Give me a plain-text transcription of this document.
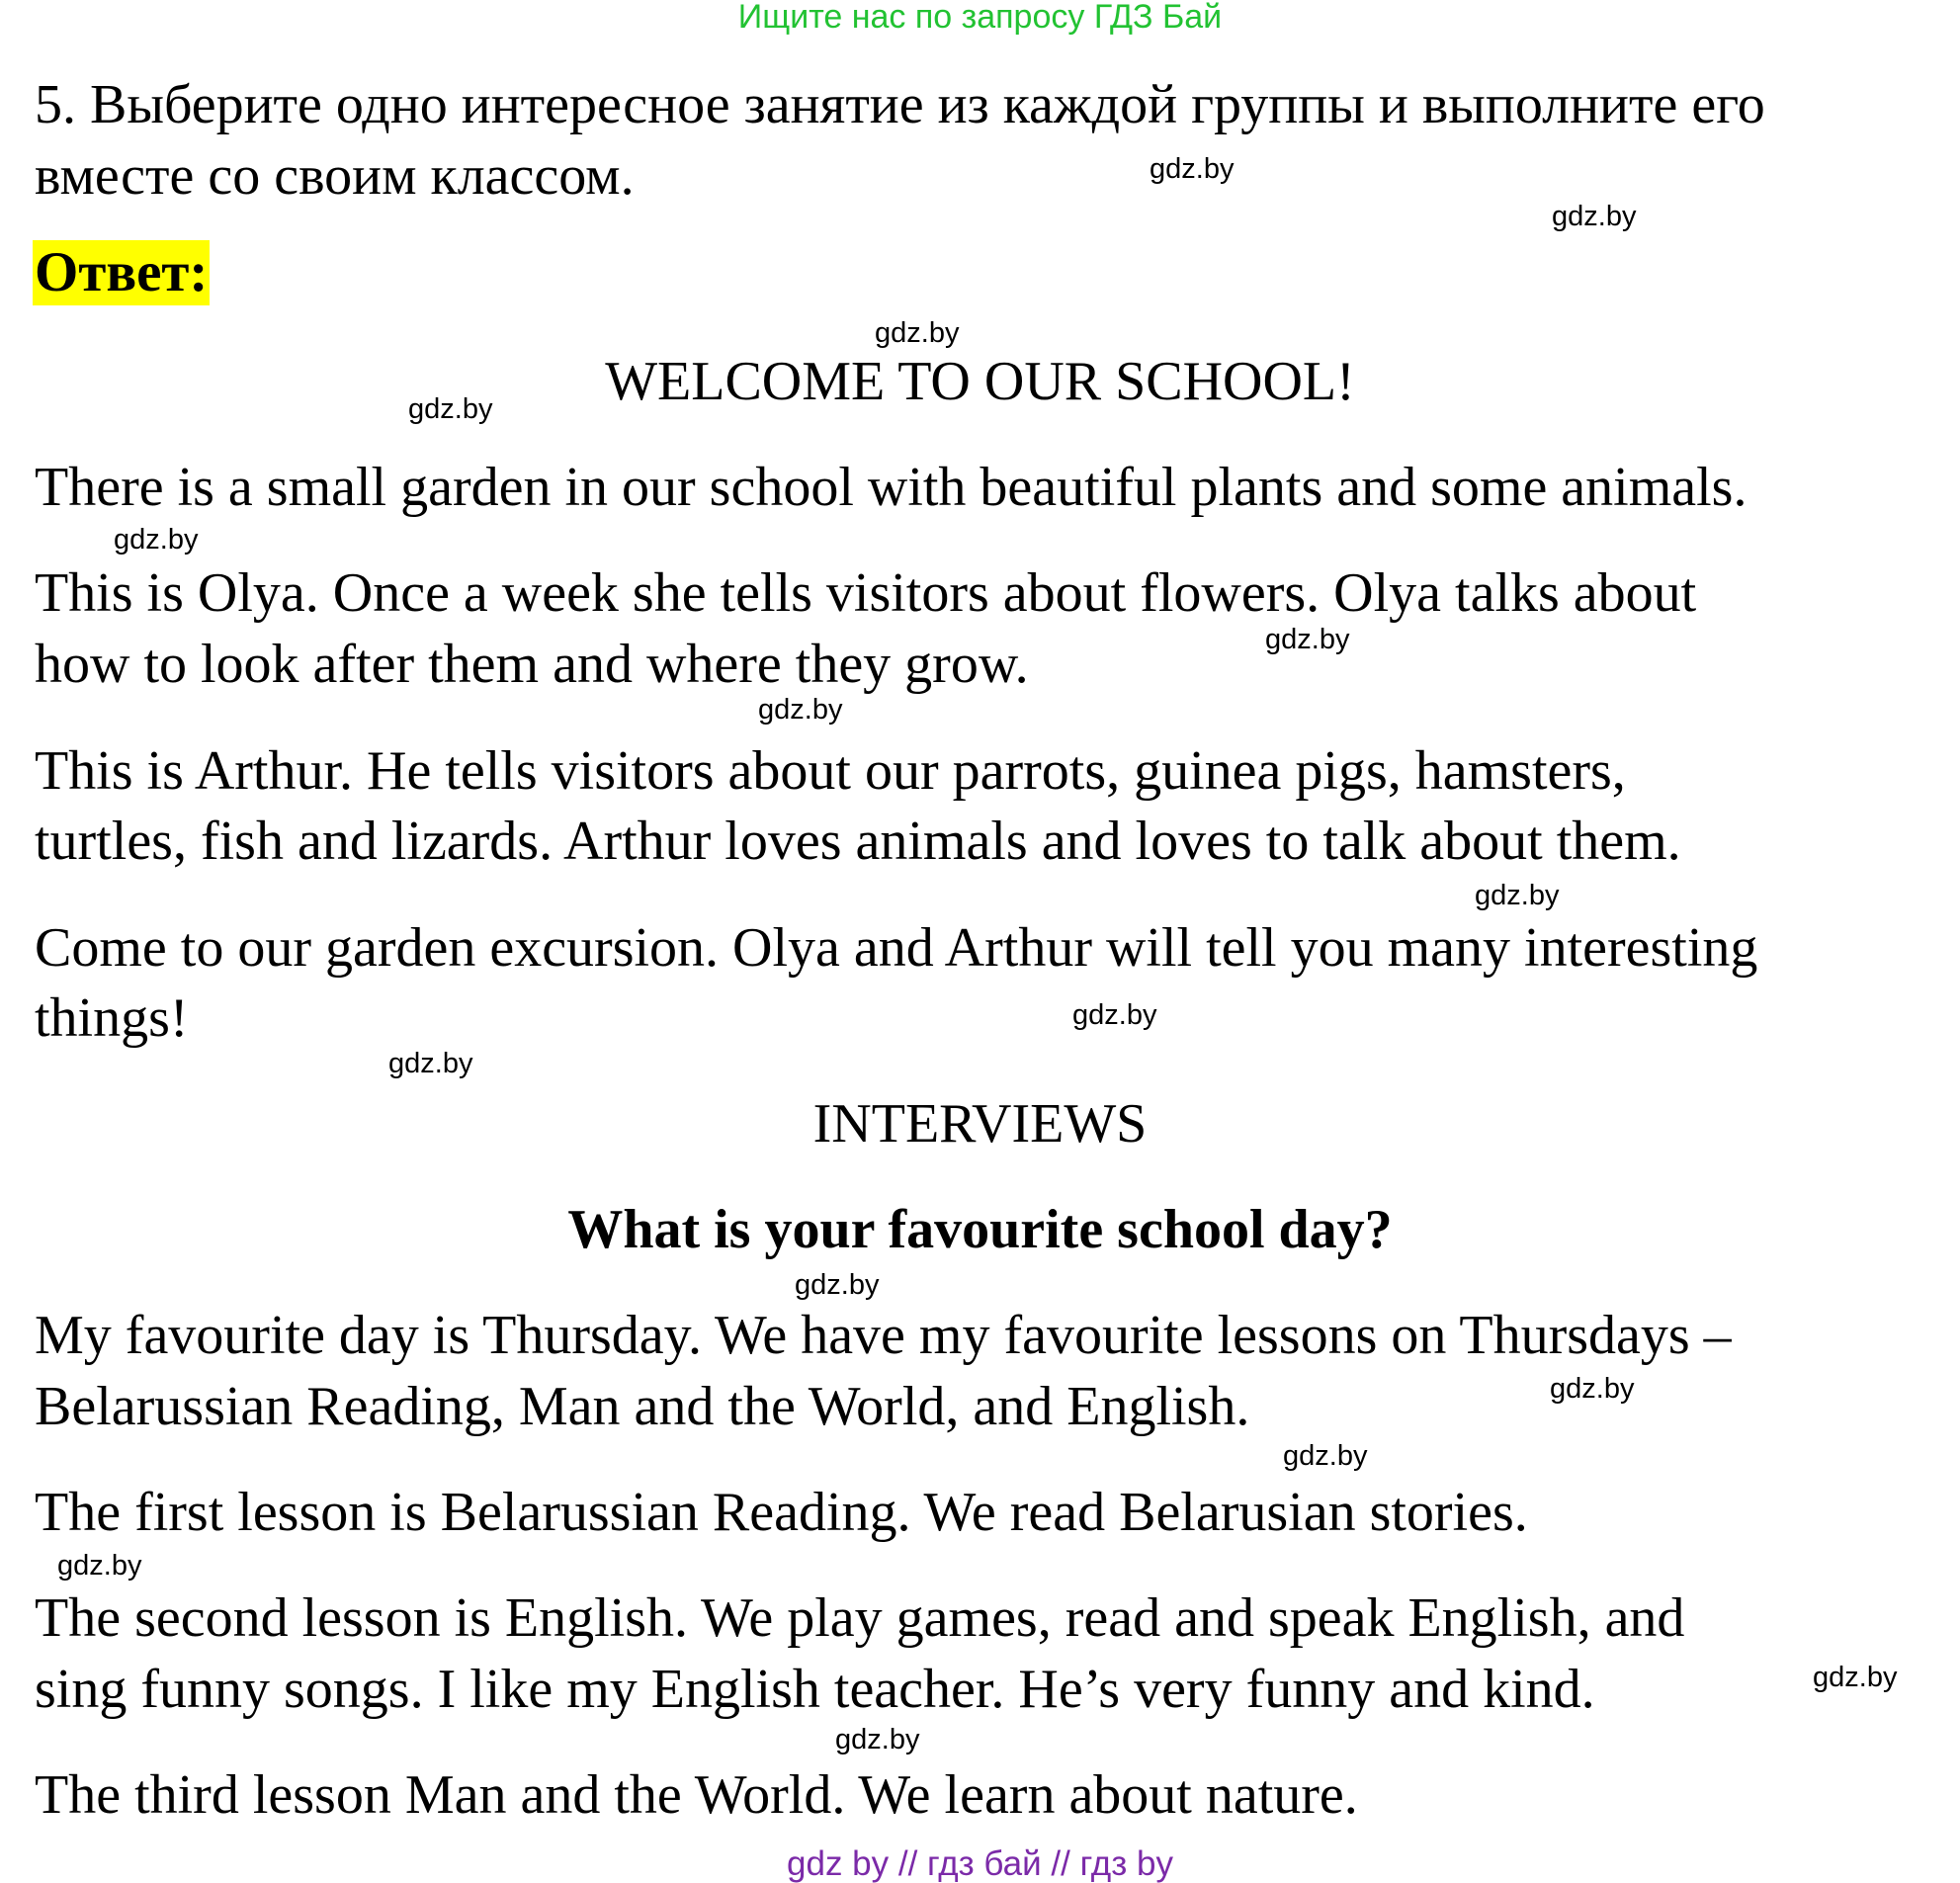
Ищите нас по запросу ГДЗ Бай
5. Выберите одно интересное занятие из каждой группы и выполните его
вместе со своим классом.
Ответ:
WELCOME TO OUR SCHOOL!
There is a small garden in our school with beautiful plants and some animals.
This is Olya. Once a week she tells visitors about flowers. Olya talks about
how to look after them and where they grow.
This is Arthur. He tells visitors about our parrots, guinea pigs, hamsters,
turtles, fish and lizards. Arthur loves animals and loves to talk about them.
Come to our garden excursion. Olya and Arthur will tell you many interesting
things!
INTERVIEWS
What is your favourite school day?
My favourite day is Thursday. We have my favourite lessons on Thursdays –
Belarussian Reading, Man and the World, and English.
The first lesson is Belarussian Reading. We read Belarusian stories.
The second lesson is English. We play games, read and speak English, and
sing funny songs. I like my English teacher. He’s very funny and kind.
The third lesson Man and the World. We learn about nature.
gdz.by
gdz.by
gdz.by
gdz.by
gdz.by
gdz.by
gdz.by
gdz.by
gdz.by
gdz.by
gdz.by
gdz.by
gdz.by
gdz.by
gdz.by
gdz.by
gdz by // гдз бай // гдз by
